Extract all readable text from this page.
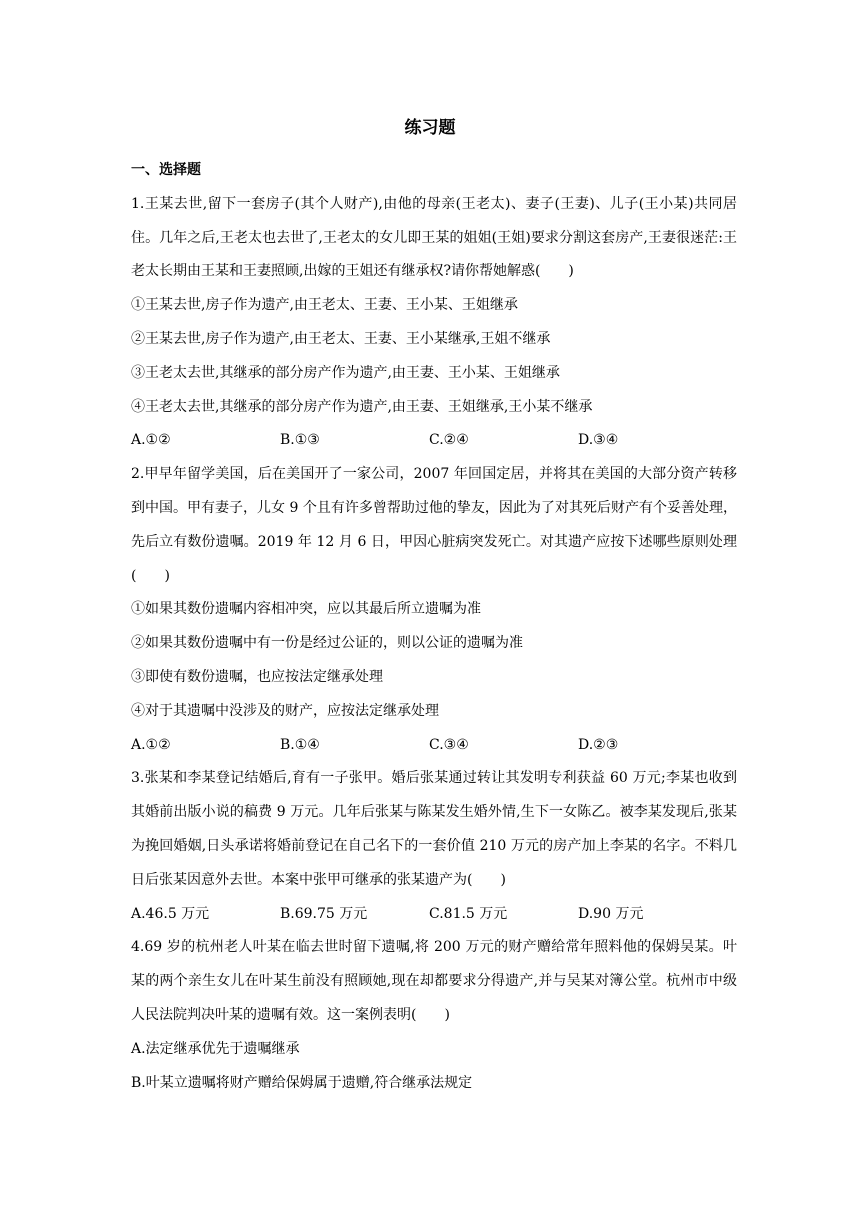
练习题

一、选择题

1.王某去世,留下一套房子(其个人财产),由他的母亲(王老太)、妻子(王妻)、儿子(王小某)共同居住。几年之后,王老太也去世了,王老太的女儿即王某的姐姐(王姐)要求分割这套房产,王妻很迷茫:王老太长期由王某和王妻照顾,出嫁的王姐还有继承权?请你帮她解惑(　　)

①王某去世,房子作为遗产,由王老太、王妻、王小某、王姐继承

②王某去世,房子作为遗产,由王老太、王妻、王小某继承,王姐不继承

③王老太去世,其继承的部分房产作为遗产,由王妻、王小某、王姐继承

④王老太去世,其继承的部分房产作为遗产,由王妻、王姐继承,王小某不继承

A.①②	B.①③	C.②④	D.③④

2.甲早年留学美国，后在美国开了一家公司，2007 年回国定居，并将其在美国的大部分资产转移到中国。甲有妻子，儿女 9 个且有许多曾帮助过他的挚友，因此为了对其死后财产有个妥善处理，先后立有数份遗嘱。2019 年 12 月 6 日，甲因心脏病突发死亡。对其遗产应按下述哪些原则处理(　　)

①如果其数份遗嘱内容相冲突，应以其最后所立遗嘱为准

②如果其数份遗嘱中有一份是经过公证的，则以公证的遗嘱为准

③即使有数份遗嘱，也应按法定继承处理

④对于其遗嘱中没涉及的财产，应按法定继承处理

A.①②	B.①④	C.③④	D.②③

3.张某和李某登记结婚后,育有一子张甲。婚后张某通过转让其发明专利获益 60 万元;李某也收到其婚前出版小说的稿费 9 万元。几年后张某与陈某发生婚外情,生下一女陈乙。被李某发现后,张某为挽回婚姻,日头承诺将婚前登记在自己名下的一套价值 210 万元的房产加上李某的名字。不料几日后张某因意外去世。本案中张甲可继承的张某遗产为(　　)

A.46.5 万元	B.69.75 万元	C.81.5 万元	D.90 万元

4.69 岁的杭州老人叶某在临去世时留下遗嘱,将 200 万元的财产赠给常年照料他的保姆吴某。叶某的两个亲生女儿在叶某生前没有照顾她,现在却都要求分得遗产,并与吴某对簿公堂。杭州市中级人民法院判决叶某的遗嘱有效。这一案例表明(　　)

A.法定继承优先于遗嘱继承

B.叶某立遗嘱将财产赠给保姆属于遗赠,符合继承法规定
